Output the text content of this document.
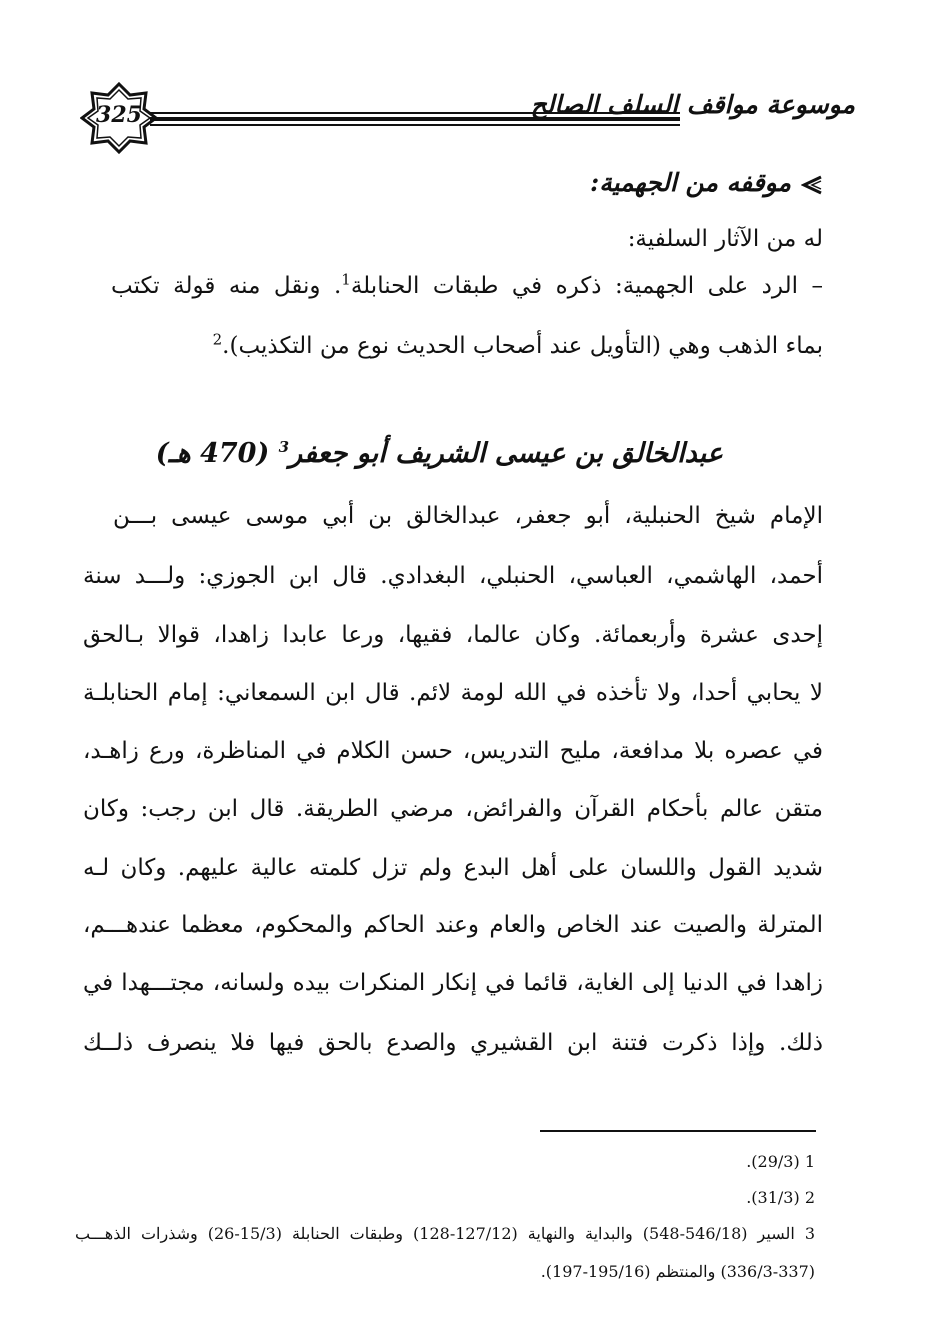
325	موسوعة مواقف السلف الصالح
موقفه من الجهمية:
له من الآثار السلفية:
– الرد على الجهمية: ذكره في طبقات الحنابلة$^1$. ونقل منه قولة تكتب
بماء الذهب وهي (التأويل عند أصحاب الحديث نوع من التكذيب).$^2$
عبدالخالق بن عيسى الشريف أبو جعفر$^3$ (470 هـ)
الإمام شيخ الحنبلية، أبو جعفر، عبدالخالق بن أبي موسى عيسى بـــن
أحمد، الهاشمي، العباسي، الحنبلي، البغدادي. قال ابن الجوزي: ولـــد سنة
إحدى عشرة وأربعمائة. وكان عالما، فقيها، ورعا عابدا زاهدا، قوالا بـالحق
لا يحابي أحدا، ولا تأخذه في الله لومة لائم. قال ابن السمعاني: إمام الحنابلـة
في عصره بلا مدافعة، مليح التدريس، حسن الكلام في المناظرة، ورع زاهـد،
متقن عالم بأحكام القرآن والفرائض، مرضي الطريقة. قال ابن رجب: وكان
شديد القول واللسان على أهل البدع ولم تزل كلمته عالية عليهم. وكان لـه
المترلة والصيت عند الخاص والعام وعند الحاكم والمحكوم، معظما عندهـــم،
زاهدا في الدنيا إلى الغاية، قائما في إنكار المنكرات بيده ولسانه، مجتـــهدا في
ذلك. وإذا ذكرت فتنة ابن القشيري والصدع بالحق فيها فلا ينصرف ذلــك
1 (29/3).
2 (31/3).
3 السير (546/18-548) والبداية والنهاية (127/12-128) وطبقات الحنابلة (15/3-26) وشذرات الذهـــب
(336/3-337) والمنتظم (195/16-197).
